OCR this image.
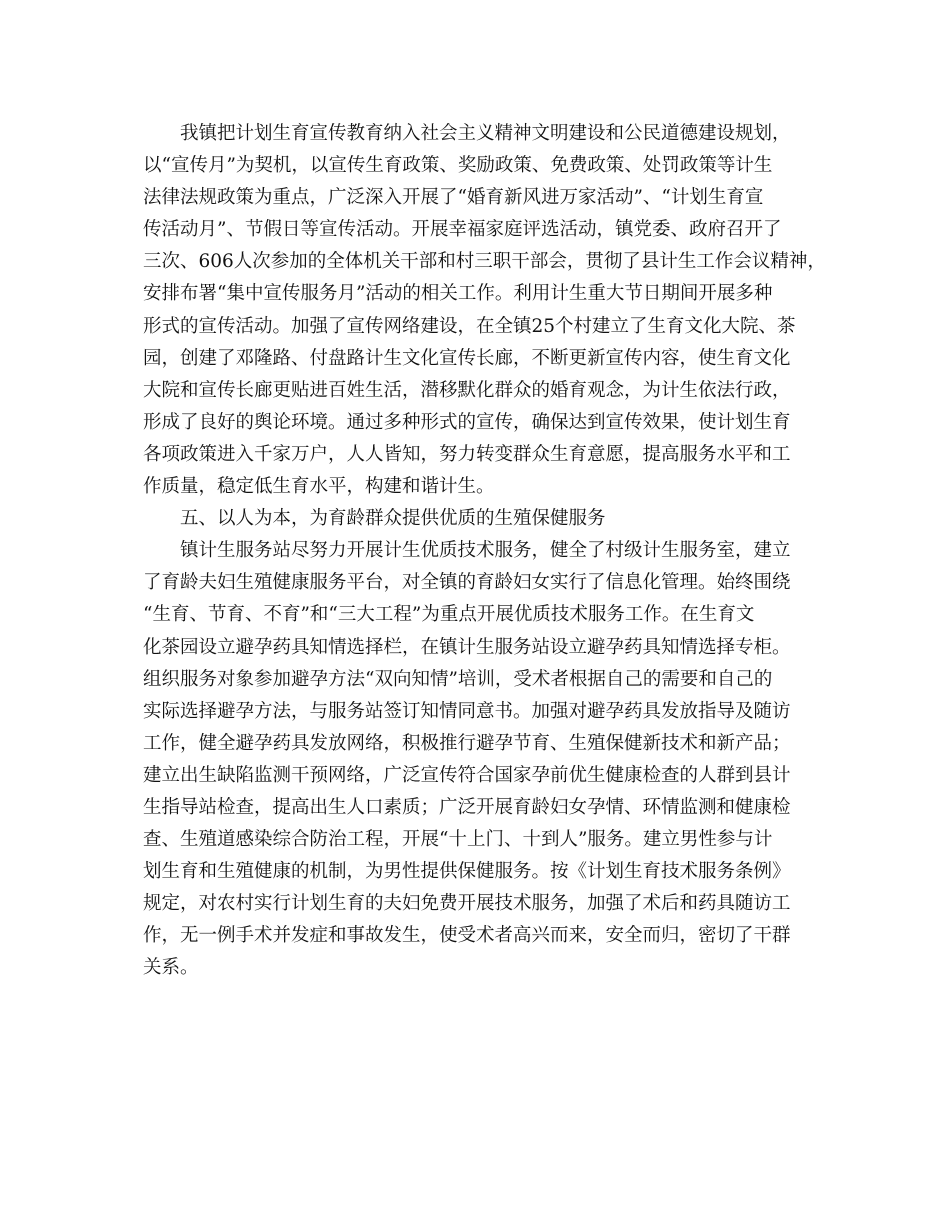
我镇把计划生育宣传教育纳入社会主义精神文明建设和公民道德建设规划，
以“宣传月”为契机，以宣传生育政策、奖励政策、免费政策、处罚政策等计生
法律法规政策为重点，广泛深入开展了“婚育新风进万家活动”、“计划生育宣
传活动月”、节假日等宣传活动。开展幸福家庭评选活动，镇党委、政府召开了
三次、606人次参加的全体机关干部和村三职干部会，贯彻了县计生工作会议精神，
安排布署“集中宣传服务月”活动的相关工作。利用计生重大节日期间开展多种
形式的宣传活动。加强了宣传网络建设，在全镇25个村建立了生育文化大院、茶
园，创建了邓隆路、付盘路计生文化宣传长廊，不断更新宣传内容，使生育文化
大院和宣传长廊更贴进百姓生活，潜移默化群众的婚育观念，为计生依法行政，
形成了良好的舆论环境。通过多种形式的宣传，确保达到宣传效果，使计划生育
各项政策进入千家万户，人人皆知，努力转变群众生育意愿，提高服务水平和工
作质量，稳定低生育水平，构建和谐计生。
五、以人为本，为育龄群众提供优质的生殖保健服务
镇计生服务站尽努力开展计生优质技术服务，健全了村级计生服务室，建立
了育龄夫妇生殖健康服务平台，对全镇的育龄妇女实行了信息化管理。始终围绕
“生育、节育、不育”和“三大工程”为重点开展优质技术服务工作。在生育文
化茶园设立避孕药具知情选择栏，在镇计生服务站设立避孕药具知情选择专柜。
组织服务对象参加避孕方法“双向知情”培训，受术者根据自己的需要和自己的
实际选择避孕方法，与服务站签订知情同意书。加强对避孕药具发放指导及随访
工作，健全避孕药具发放网络，积极推行避孕节育、生殖保健新技术和新产品；
建立出生缺陷监测干预网络，广泛宣传符合国家孕前优生健康检查的人群到县计
生指导站检查，提高出生人口素质；广泛开展育龄妇女孕情、环情监测和健康检
查、生殖道感染综合防治工程，开展“十上门、十到人”服务。建立男性参与计
划生育和生殖健康的机制，为男性提供保健服务。按《计划生育技术服务条例》
规定，对农村实行计划生育的夫妇免费开展技术服务，加强了术后和药具随访工
作，无一例手术并发症和事故发生，使受术者高兴而来，安全而归，密切了干群
关系。
